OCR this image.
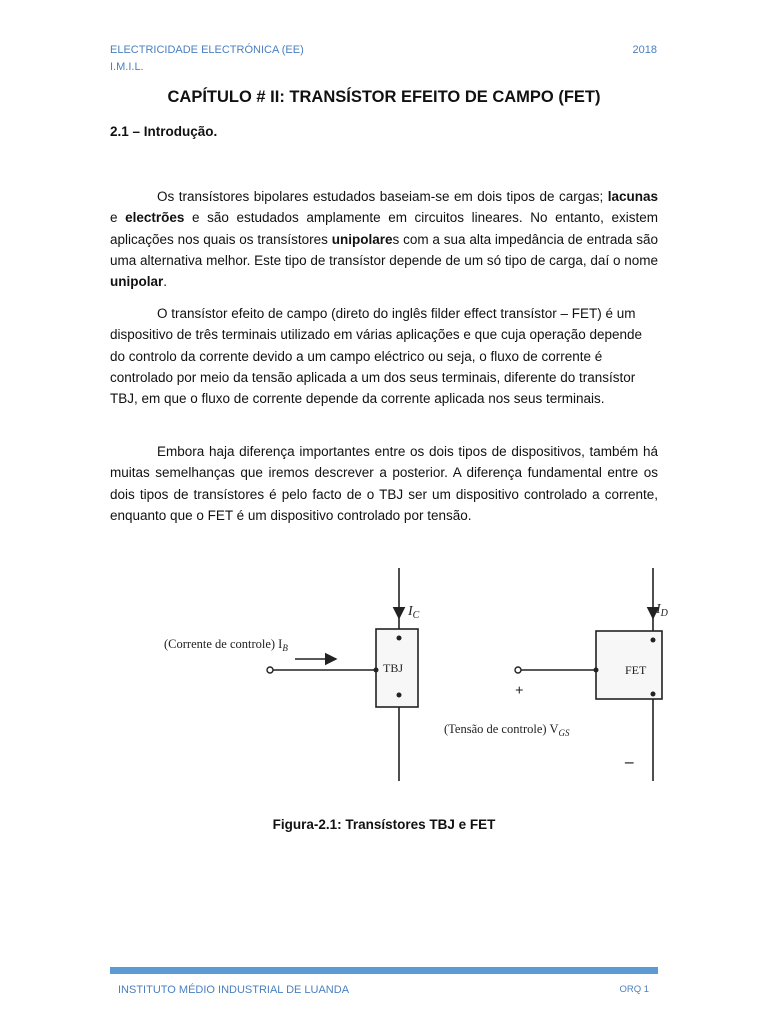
ELECTRICIDADE ELECTRÓNICA (EE)
I.M.I.L.
2018
CAPÍTULO # II: TRANSÍSTOR EFEITO DE CAMPO (FET)
2.1 – Introdução.

Os transístores bipolares estudados baseiam-se em dois tipos de cargas; lacunas e electrões e são estudados amplamente em circuitos lineares. No entanto, existem aplicações nos quais os transístores unipolares com a sua alta impedância de entrada são uma alternativa melhor. Este tipo de transístor depende de um só tipo de carga, daí o nome unipolar.

O transístor efeito de campo (direto do inglês filder effect transístor – FET) é um dispositivo de três terminais utilizado em várias aplicações e que cuja operação depende do controlo da corrente devido a um campo eléctrico ou seja, o fluxo de corrente é controlado por meio da tensão aplicada a um dos seus terminais, diferente do transístor TBJ, em que o fluxo de corrente depende da corrente aplicada nos seus terminais.

Embora haja diferença importantes entre os dois tipos de dispositivos, também há muitas semelhanças que iremos descrever a posterior. A diferença fundamental entre os dois tipos de transístores é pelo facto de o TBJ ser um dispositivo controlado a corrente, enquanto que o FET é um dispositivo controlado por tensão.

$I_C$
TBJ
(Corrente de controle) $I_B$
$I_D$
FET
+
–
(Tensão de controle) $V_{GS}$
Figura-2.1: Transístores TBJ e FET
INSTITUTO MÉDIO INDUSTRIAL DE LUANDA	ORQ 1
